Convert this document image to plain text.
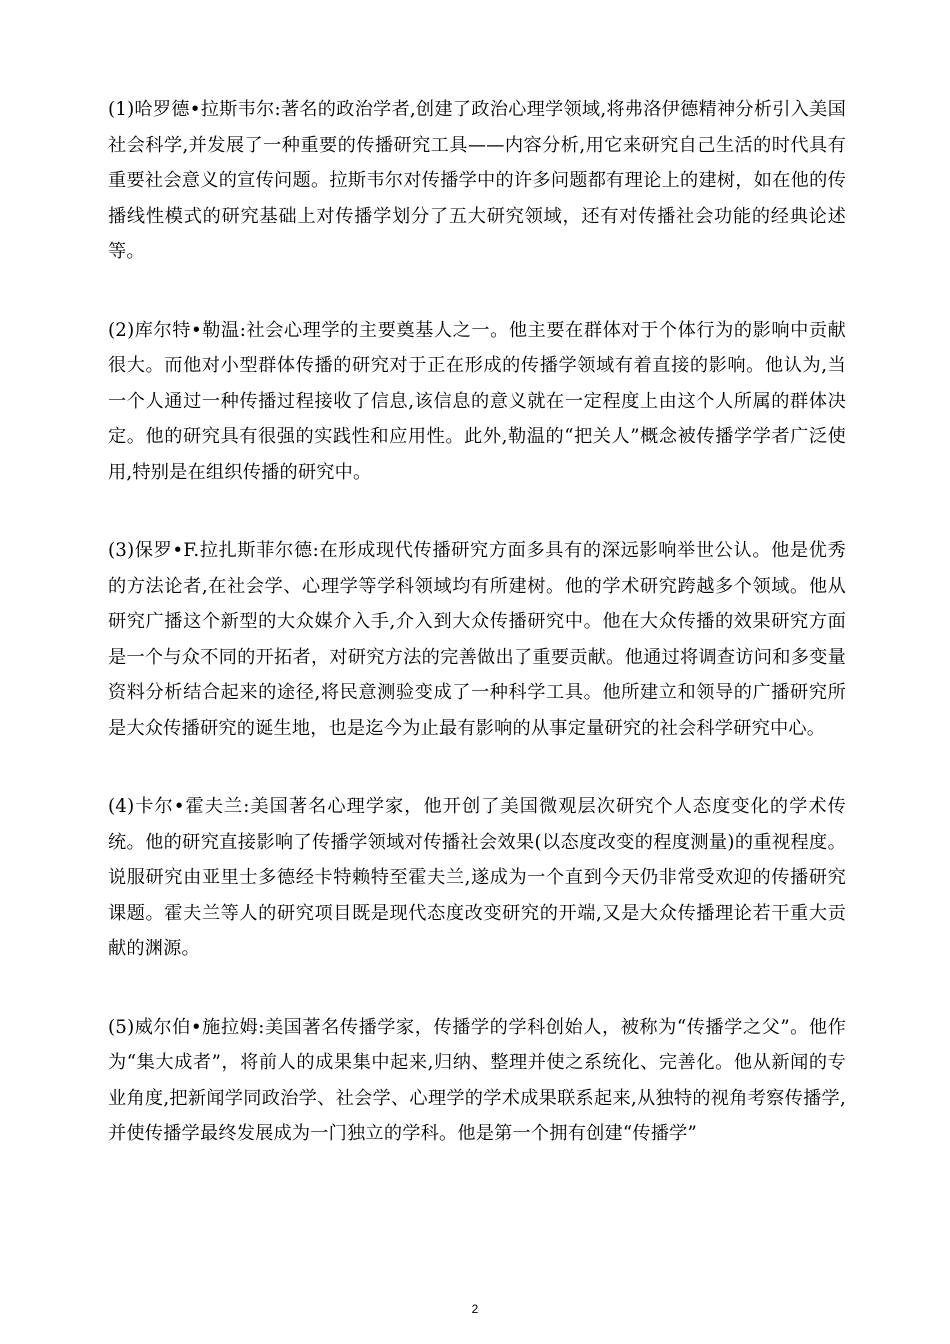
(1)哈罗德•拉斯韦尔:著名的政治学者,创建了政治心理学领域,将弗洛伊德精神分析引入美国社会科学,并发展了一种重要的传播研究工具——内容分析,用它来研究自己生活的时代具有重要社会意义的宣传问题。拉斯韦尔对传播学中的许多问题都有理论上的建树，如在他的传播线性模式的研究基础上对传播学划分了五大研究领域，还有对传播社会功能的经典论述等。

(2)库尔特•勒温:社会心理学的主要奠基人之一。他主要在群体对于个体行为的影响中贡献很大。而他对小型群体传播的研究对于正在形成的传播学领域有着直接的影响。他认为,当一个人通过一种传播过程接收了信息,该信息的意义就在一定程度上由这个人所属的群体决定。他的研究具有很强的实践性和应用性。此外,勒温的“把关人”概念被传播学学者广泛使用,特别是在组织传播的研究中。

(3)保罗•F.拉扎斯菲尔德:在形成现代传播研究方面多具有的深远影响举世公认。他是优秀的方法论者,在社会学、心理学等学科领域均有所建树。他的学术研究跨越多个领域。他从研究广播这个新型的大众媒介入手,介入到大众传播研究中。他在大众传播的效果研究方面是一个与众不同的开拓者，对研究方法的完善做出了重要贡献。他通过将调查访问和多变量资料分析结合起来的途径,将民意测验变成了一种科学工具。他所建立和领导的广播研究所是大众传播研究的诞生地，也是迄今为止最有影响的从事定量研究的社会科学研究中心。

(4)卡尔•霍夫兰:美国著名心理学家，他开创了美国微观层次研究个人态度变化的学术传统。他的研究直接影响了传播学领域对传播社会效果(以态度改变的程度测量)的重视程度。说服研究由亚里士多德经卡特赖特至霍夫兰,遂成为一个直到今天仍非常受欢迎的传播研究课题。霍夫兰等人的研究项目既是现代态度改变研究的开端,又是大众传播理论若干重大贡献的渊源。

(5)威尔伯•施拉姆:美国著名传播学家，传播学的学科创始人，被称为“传播学之父”。他作为“集大成者”，将前人的成果集中起来,归纳、整理并使之系统化、完善化。他从新闻的专业角度,把新闻学同政治学、社会学、心理学的学术成果联系起来,从独特的视角考察传播学,并使传播学最终发展成为一门独立的学科。他是第一个拥有创建“传播学”

2
